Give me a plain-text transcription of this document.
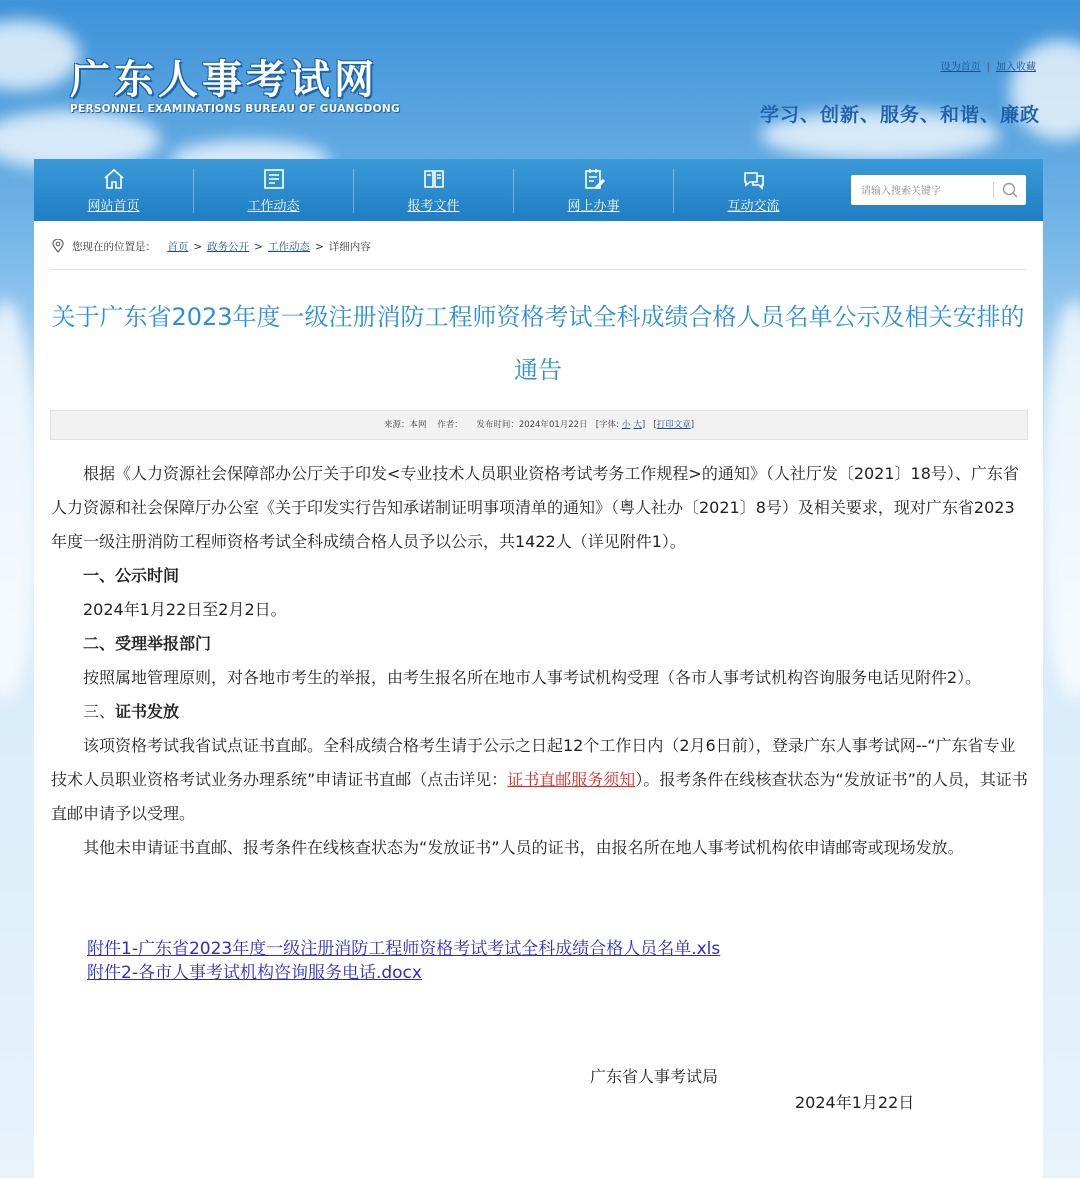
广东人事考试网
PERSONNEL EXAMINATIONS BUREAU OF GUANGDONG
设为首页 | 加入收藏
学习、创新、服务、和谐、廉政
网站首页	工作动态	报考文件	网上办事	互动交流
请输入搜索关键字
您现在的位置是： 首页 > 政务公开 > 工作动态 > 详细内容
关于广东省2023年度一级注册消防工程师资格考试全科成绩合格人员名单公示及相关安排的通告
来源：本网 作者： 发布时间：2024年01月22日 [字体: 小 大] [打印文章]

根据《人力资源社会保障部办公厅关于印发<专业技术人员职业资格考试考务工作规程>的通知》（人社厅发〔2021〕18号）、广东省人力资源和社会保障厅办公室《关于印发实行告知承诺制证明事项清单的通知》（粤人社办〔2021〕8号）及相关要求，现对广东省2023年度一级注册消防工程师资格考试全科成绩合格人员予以公示，共1422人（详见附件1）。

一、公示时间

2024年1月22日至2月2日。

二、受理举报部门

按照属地管理原则，对各地市考生的举报，由考生报名所在地市人事考试机构受理（各市人事考试机构咨询服务电话见附件2）。

三、证书发放

该项资格考试我省试点证书直邮。全科成绩合格考生请于公示之日起12个工作日内（2月6日前），登录广东人事考试网--“广东省专业技术人员职业资格考试业务办理系统”申请证书直邮（点击详见：证书直邮服务须知）。报考条件在线核查状态为“发放证书”的人员，其证书直邮申请予以受理。

其他未申请证书直邮、报考条件在线核查状态为“发放证书”人员的证书，由报名所在地人事考试机构依申请邮寄或现场发放。

附件1-广东省2023年度一级注册消防工程师资格考试考试全科成绩合格人员名单.xls
附件2-各市人事考试机构咨询服务电话.docx
广东省人事考试局
2024年1月22日
